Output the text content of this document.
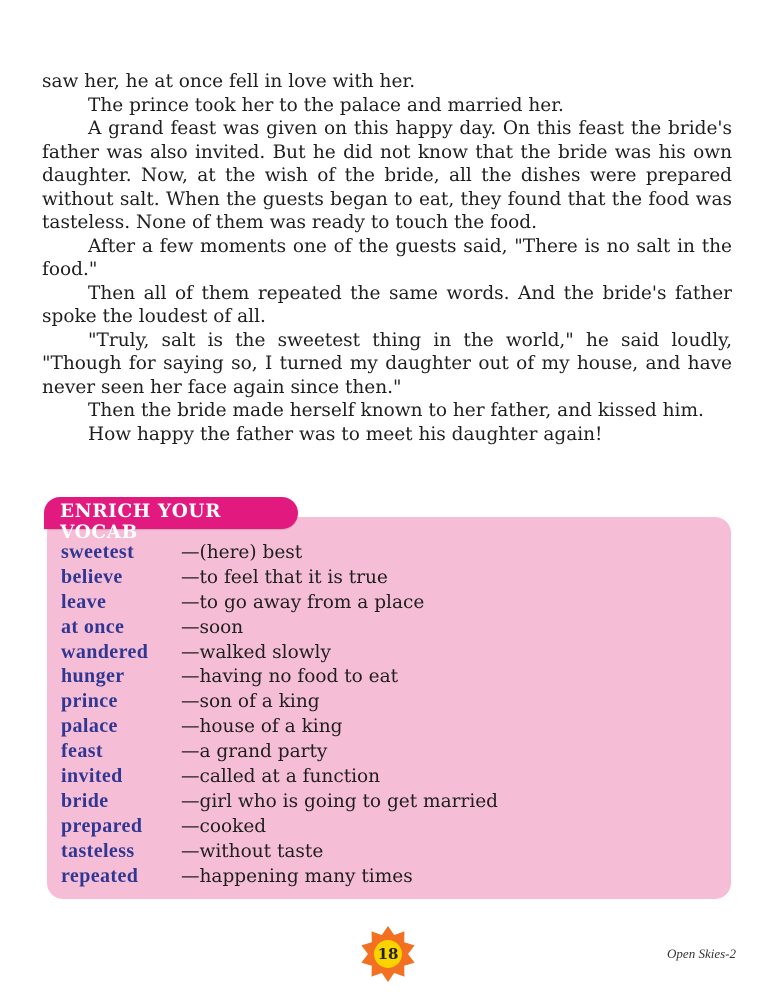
saw her, he at once fell in love with her.

The prince took her to the palace and married her.

A grand feast was given on this happy day. On this feast the bride's father was also invited. But he did not know that the bride was his own daughter. Now, at the wish of the bride, all the dishes were prepared without salt. When the guests began to eat, they found that the food was tasteless. None of them was ready to touch the food.

After a few moments one of the guests said, "There is no salt in the food."

Then all of them repeated the same words. And the bride's father spoke the loudest of all.

"Truly, salt is the sweetest thing in the world," he said loudly, "Though for saying so, I turned my daughter out of my house, and have never seen her face again since then."

Then the bride made herself known to her father, and kissed him.

How happy the father was to meet his daughter again!

ENRICH YOUR VOCAB
sweetest	—(here) best
believe	—to feel that it is true
leave	—to go away from a place
at once	—soon
wandered —walked slowly
hunger	—having no food to eat
prince	—son of a king
palace	—house of a king
feast	—a grand party
invited	—called at a function
bride	—girl who is going to get married
prepared —cooked
tasteless	—without taste
repeated —happening many times
18	Open Skies-2
